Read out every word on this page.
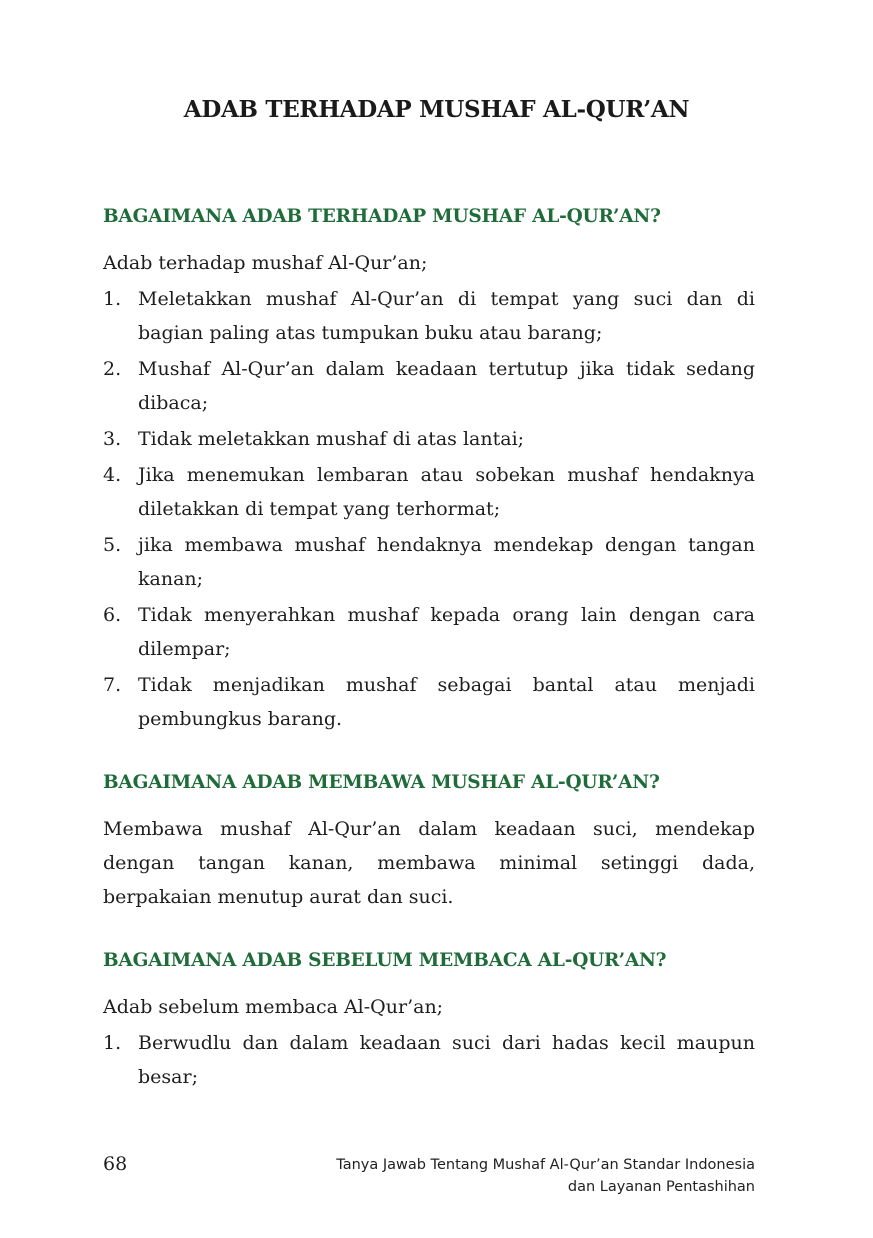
ADAB TERHADAP MUSHAF AL-QUR’AN
BAGAIMANA ADAB TERHADAP MUSHAF AL-QUR’AN?

Adab terhadap mushaf Al-Qur’an;

1. Meletakkan mushaf Al-Qur’an di tempat yang suci dan di bagian paling atas tumpukan buku atau barang;
2. Mushaf Al-Qur’an dalam keadaan tertutup jika tidak sedang dibaca;
3. Tidak meletakkan mushaf di atas lantai;
4. Jika menemukan lembaran atau sobekan mushaf hendaknya diletakkan di tempat yang terhormat;
5. jika membawa mushaf hendaknya mendekap dengan tangan kanan;
6. Tidak menyerahkan mushaf kepada orang lain dengan cara dilempar;
7. Tidak menjadikan mushaf sebagai bantal atau menjadi pembungkus barang.
BAGAIMANA ADAB MEMBAWA MUSHAF AL-QUR’AN?

Membawa mushaf Al-Qur’an dalam keadaan suci, mendekap dengan tangan kanan, membawa minimal setinggi dada, berpakaian menutup aurat dan suci.

BAGAIMANA ADAB SEBELUM MEMBACA AL-QUR’AN?

Adab sebelum membaca Al-Qur’an;

1. Berwudlu dan dalam keadaan suci dari hadas kecil maupun besar;
68	Tanya Jawab Tentang Mushaf Al-Qur’an Standar Indonesia
dan Layanan Pentashihan
